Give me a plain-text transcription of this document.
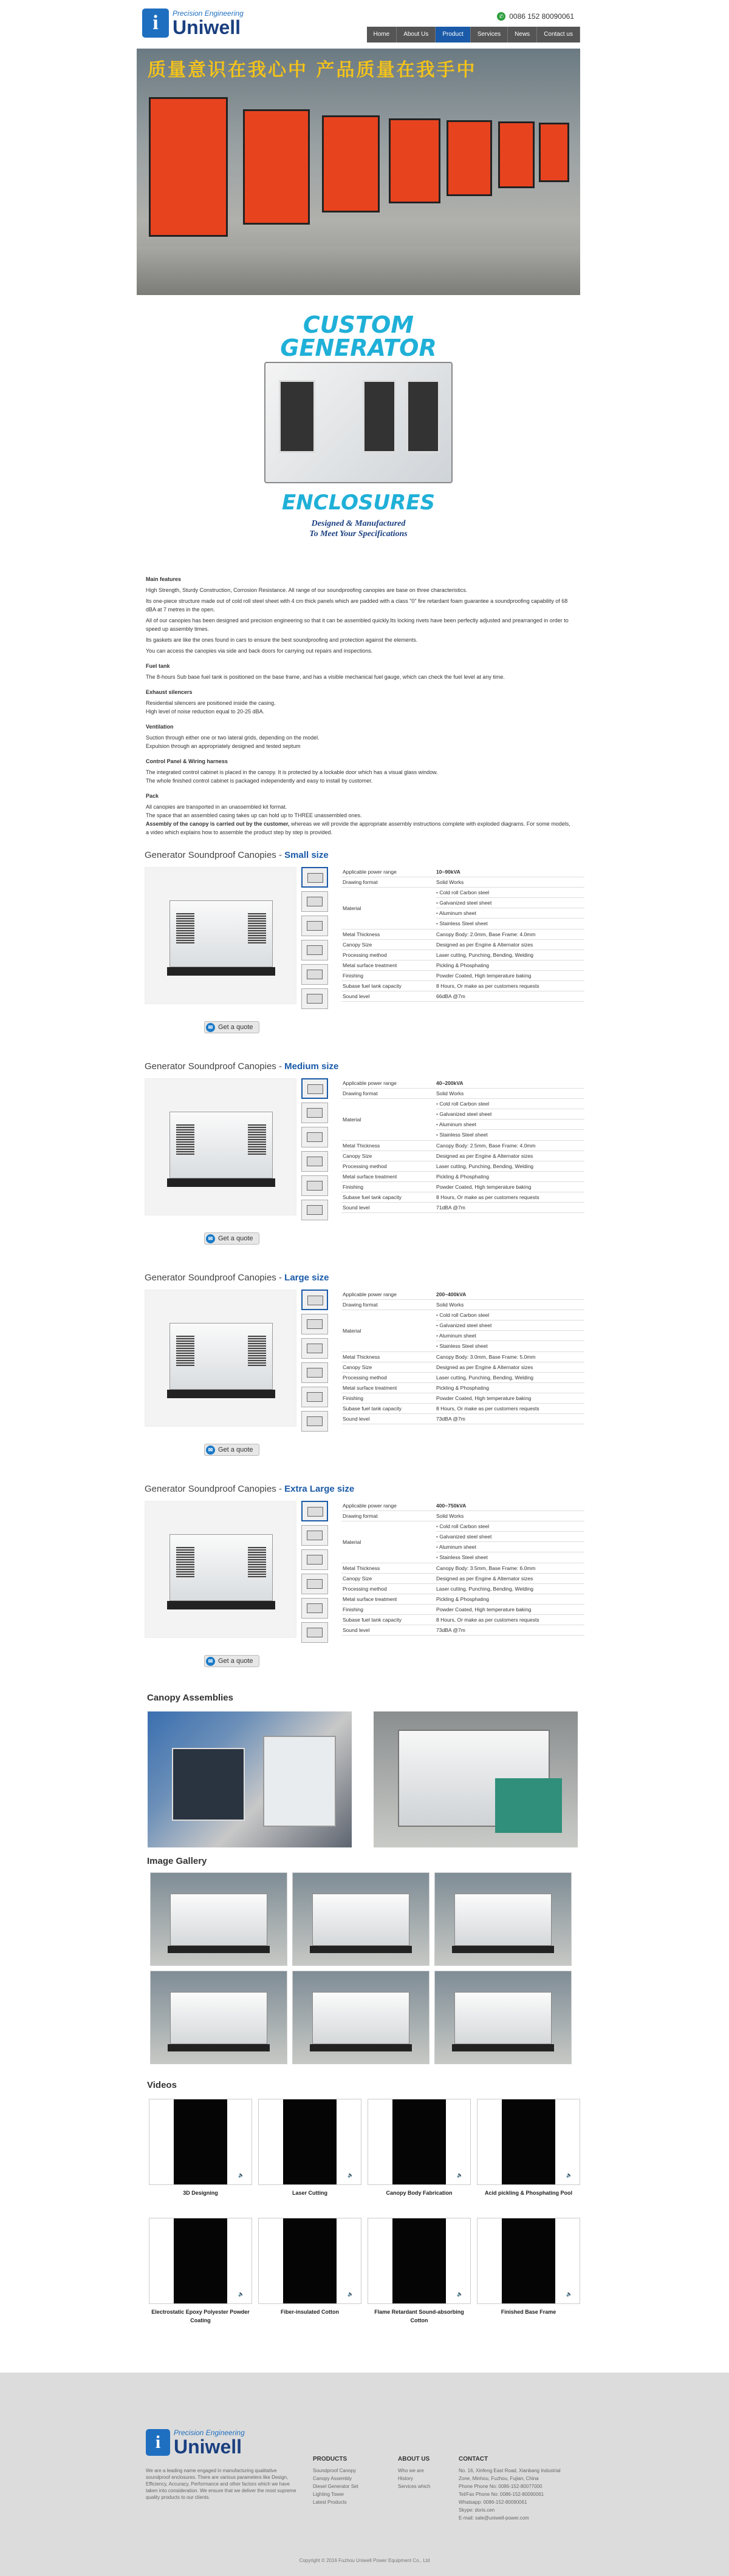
i	Precision Engineering
Uniwell
✆ 0086 152 80090061
Home	About Us	Product	Services	News	Contact us
质量意识在我心中 产品质量在我手中
CUSTOM
GENERATOR
ENCLOSURES
Designed & Manufactured
To Meet Your Specifications
Main features

High Strength, Sturdy Construction, Corrosion Resistance. All range of our soundproofing canopies are base on three characteristics.

Its one-piece structure made out of cold roll steel sheet with 4 cm thick panels which are padded with a class "0" fire retardant foam guarantee a soundproofing capability of 68 dBA at 7 metres in the open.

All of our canopies has been designed and precision engineering so that it can be assembled quickly.Its locking rivets have been perfectly adjusted and prearranged in order to speed up assembly times.

Its gaskets are like the ones found in cars to ensure the best soundproofing and protection against the elements.

You can access the canopies via side and back doors for carrying out repairs and inspections.

Fuel tank

The 8-hours Sub base fuel tank is positioned on the base frame, and has a visible mechanical fuel gauge, which can check the fuel level at any time.

Exhaust silencers

Residential silencers are positioned inside the casing.

High level of noise reduction equal to 20-25 dBA.

Ventilation

Suction through either one or two lateral grids, depending on the model.

Expulsion through an appropriately designed and tested septum

Control Panel & Wiring harness

The integrated control cabinet is placed in the canopy. It is protected by a lockable door which has a visual glass window.

The whole finished control cabinet is packaged independently and easy to install by customer.

Pack

All canopies are transported in an unassembled kit format.

The space that an assembled casing takes up can hold up to THREE unassembled ones.

Assembly of the canopy is carried out by the customer, whereas we will provide the appropriate assembly instructions complete with exploded diagrams. For some models, a video which explains how to assemble the product step by step is provided.

Generator Soundproof Canopies - Small size
✉ Get a quote
Applicable power range	10~90kVA
Drawing format	Solid Works
Material
• Cold roll Carbon steel
• Galvanized steel sheet
• Aluminum sheet
• Stainless Steel sheet
Metal Thickness	Canopy Body: 2.0mm, Base Frame: 4.0mm
Canopy Size	Designed as per Engine & Alternator sizes
Processing method	Laser cutting, Punching, Bending, Welding
Metal surface treatment	Pickling & Phosphating
Finishing	Powder Coated, High temperature baking
Subase fuel tank capacity	8 Hours, Or make as per customers requests
Sound level	66dBA @7m
Generator Soundproof Canopies - Medium size
✉ Get a quote
Applicable power range	40~200kVA
Drawing format	Solid Works
Material
• Cold roll Carbon steel
• Galvanized steel sheet
• Aluminum sheet
• Stainless Steel sheet
Metal Thickness	Canopy Body: 2.5mm, Base Frame: 4.0mm
Canopy Size	Designed as per Engine & Alternator sizes
Processing method	Laser cutting, Punching, Bending, Welding
Metal surface treatment	Pickling & Phosphating
Finishing	Powder Coated, High temperature baking
Subase fuel tank capacity	8 Hours, Or make as per customers requests
Sound level	71dBA @7m
Generator Soundproof Canopies - Large size
✉ Get a quote
Applicable power range	200~400kVA
Drawing format	Solid Works
Material
• Cold roll Carbon steel
• Galvanized steel sheet
• Aluminum sheet
• Stainless Steel sheet
Metal Thickness	Canopy Body: 3.0mm, Base Frame: 5.0mm
Canopy Size	Designed as per Engine & Alternator sizes
Processing method	Laser cutting, Punching, Bending, Welding
Metal surface treatment	Pickling & Phosphating
Finishing	Powder Coated, High temperature baking
Subase fuel tank capacity	8 Hours, Or make as per customers requests
Sound level	73dBA @7m
Generator Soundproof Canopies - Extra Large size
✉ Get a quote
Applicable power range	400~750kVA
Drawing format	Solid Works
Material
• Cold roll Carbon steel
• Galvanized steel sheet
• Aluminum sheet
• Stainless Steel sheet
Metal Thickness	Canopy Body: 3.5mm, Base Frame: 6.0mm
Canopy Size	Designed as per Engine & Alternator sizes
Processing method	Laser cutting, Punching, Bending, Welding
Metal surface treatment	Pickling & Phosphating
Finishing	Powder Coated, High temperature baking
Subase fuel tank capacity	8 Hours, Or make as per customers requests
Sound level	73dBA @7m
Canopy Assemblies
Image Gallery
Videos
▶ 0:00	🔈 ⛶
3D Designing
▶ 0:00	🔈 ⛶
Laser Cutting
▶ 0:00	🔈 ⛶
Canopy Body Fabrication
▶ 0:00	🔈 ⛶
Acid pickling & Phosphating Pool
▶ 0:00	🔈 ⛶
Electrostatic Epoxy Polyester Powder Coating
▶ 0:00	🔈 ⛶
Fiber-insulated Cotton
▶ 0:00	🔈 ⛶
Flame Retardant Sound-absorbing Cotton
▶ 0:00	🔈 ⛶
Finished Base Frame
i	Precision Engineering
Uniwell
We are a leading name engaged in manufacturing qualitative soundproof enclosures. There are various parameters like Design, Efficiency, Accuracy, Performance and other factors which we have taken into consideration. We ensure that we deliver the most supreme quality products to our clients.
PRODUCTS
Soundproof Canopy
Canopy Assembly
Diesel Generator Set
Lighting Tower
Latest Products
ABOUT US
Who we are
History
Services which
CONTACT
No. 16, Xinfeng East Road, Xianbang Industrial
Zone, Minhou, Fuzhou, Fujian, China
Phone Phone No: 0086-152-80077000
Tel/Fax Phone No: 0086-152-80090061
Whatsapp: 0086-152-80090061
Skype: doris.cen
E-mail: sale@uniwell-power.com
Copyright © 2016 Fuzhou Uniwell Power Equipment Co., Ltd
